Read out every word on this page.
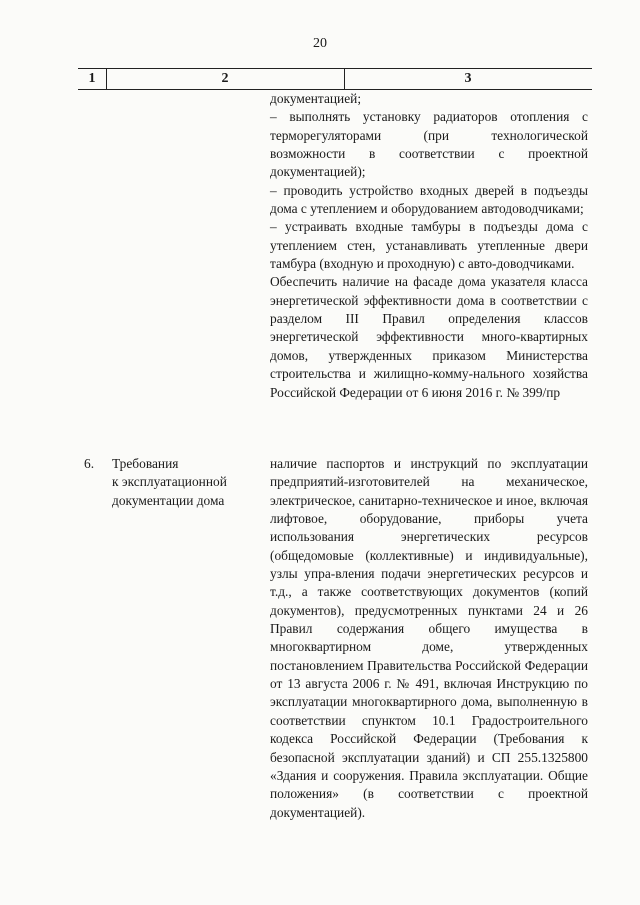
20
1	2	3
документацией;
– выполнять установку радиаторов отопления с терморегуляторами (при технологической возможности в соответствии с проектной документацией);
– проводить устройство входных дверей в подъезды дома с утеплением и оборудованием автодоводчиками;
– устраивать входные тамбуры в подъезды дома с утеплением стен, устанавливать утепленные двери тамбура (входную и проходную) с авто-доводчиками.
Обеспечить наличие на фасаде дома указателя класса энергетической эффективности дома в соответствии с разделом III Правил определения классов энергетической эффективности много-квартирных домов, утвержденных приказом Министерства строительства и жилищно-комму-нального хозяйства Российской Федерации от 6 июня 2016 г. № 399/пр
6. Требования
к эксплуатационной
документации дома
наличие паспортов и инструкций по эксплуатации предприятий-изготовителей на механическое, электрическое, санитарно-техническое и иное, включая лифтовое, оборудование, приборы учета использования энергетических ресурсов (общедомовые (коллективные) и индивидуальные), узлы упра-вления подачи энергетических ресурсов и т.д., а также соответствующих документов (копий документов), предусмотренных пунктами 24 и 26 Правил содержания общего имущества в многоквартирном доме, утвержденных постановлением Правительства Российской Федерации от 13 августа 2006 г. № 491, включая Инструкцию по эксплуатации многоквартирного дома, выполненную в соответствии спунктом 10.1 Градостроительного кодекса Российской Федерации (Требования к безопасной эксплуатации зданий) и СП 255.1325800 «Здания и сооружения. Правила эксплуатации. Общие положения» (в соответствии с проектной документацией).
